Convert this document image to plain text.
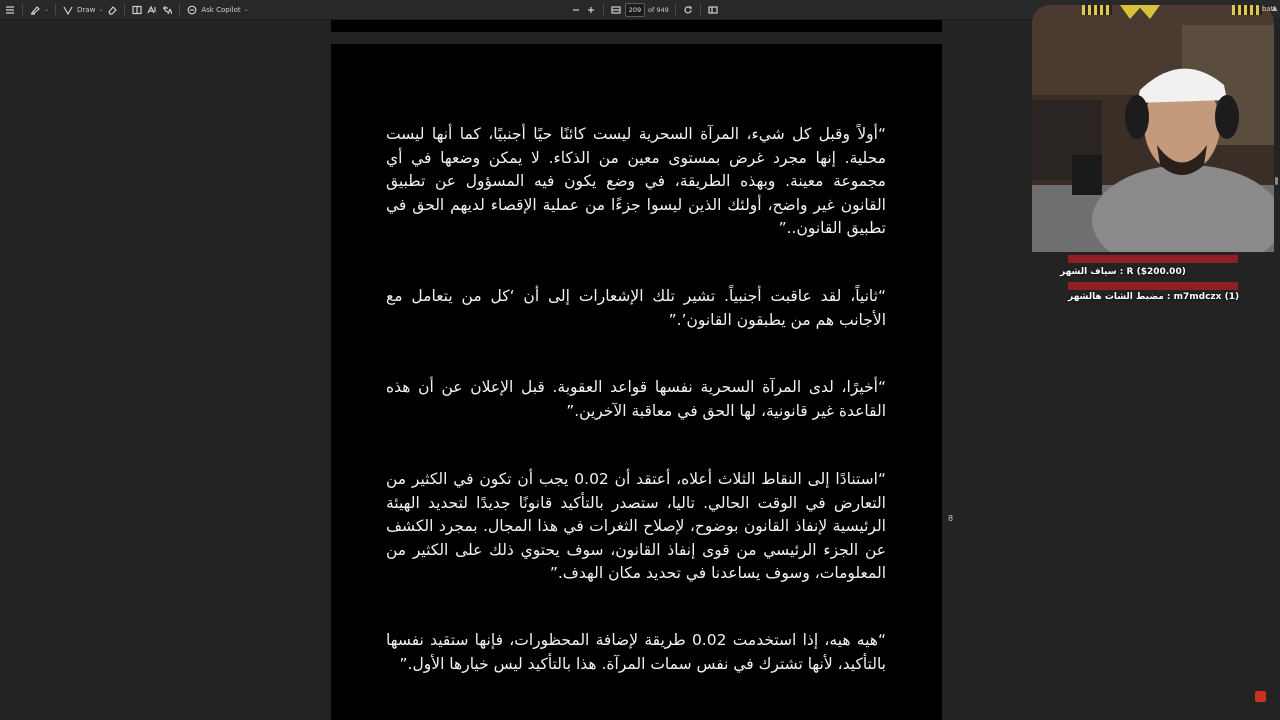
⌄	Draw ⌄	Ask Copilot ⌄	209	of 949
“أولاً وقبل كل شيء، المرآة السحرية ليست كائنًا حيًا أجنبيًا، كما أنها ليست محلية. إنها مجرد غرض بمستوى معين من الذكاء. لا يمكن وضعها في أي مجموعة معينة. وبهذه الطريقة، في وضع يكون فيه المسؤول عن تطبيق القانون غير واضح، أولئك الذين ليسوا جزءًا من عملية الإقصاء لديهم الحق في تطبيق القانون..”
“ثانياً، لقد عاقبت أجنبياً. تشير تلك الإشعارات إلى أن ‘كل من يتعامل مع الأجانب هم من يطبقون القانون’.”
“أخيرًا، لدى المرآة السحرية نفسها قواعد العقوبة. قبل الإعلان عن أن هذه القاعدة غير قانونية، لها الحق في معاقبة الآخرين.”
“استنادًا إلى النقاط الثلاث أعلاه، أعتقد أن 0.02 يجب أن تكون في الكثير من التعارض في الوقت الحالي. تاليا، ستصدر بالتأكيد قانونًا جديدًا لتحديد الهيئة الرئيسية لإنفاذ القانون بوضوح، لإصلاح الثغرات في هذا المجال. بمجرد الكشف عن الجزء الرئيسي من قوى إنفاذ القانون، سوف يحتوي ذلك على الكثير من المعلومات، وسوف يساعدنا في تحديد مكان الهدف.”
“هيه هيه، إذا استخدمت 0.02 طريقة لإضافة المحظورات، فإنها ستقيد نفسها بالتأكيد، لأنها تشترك في نفس سمات المرآة. هذا بالتأكيد ليس خيارها الأول.”
8
▲
bat
R ($200.00) : سياف الشهر
m7mdczx (1) : مضبط الشات هالشهر
